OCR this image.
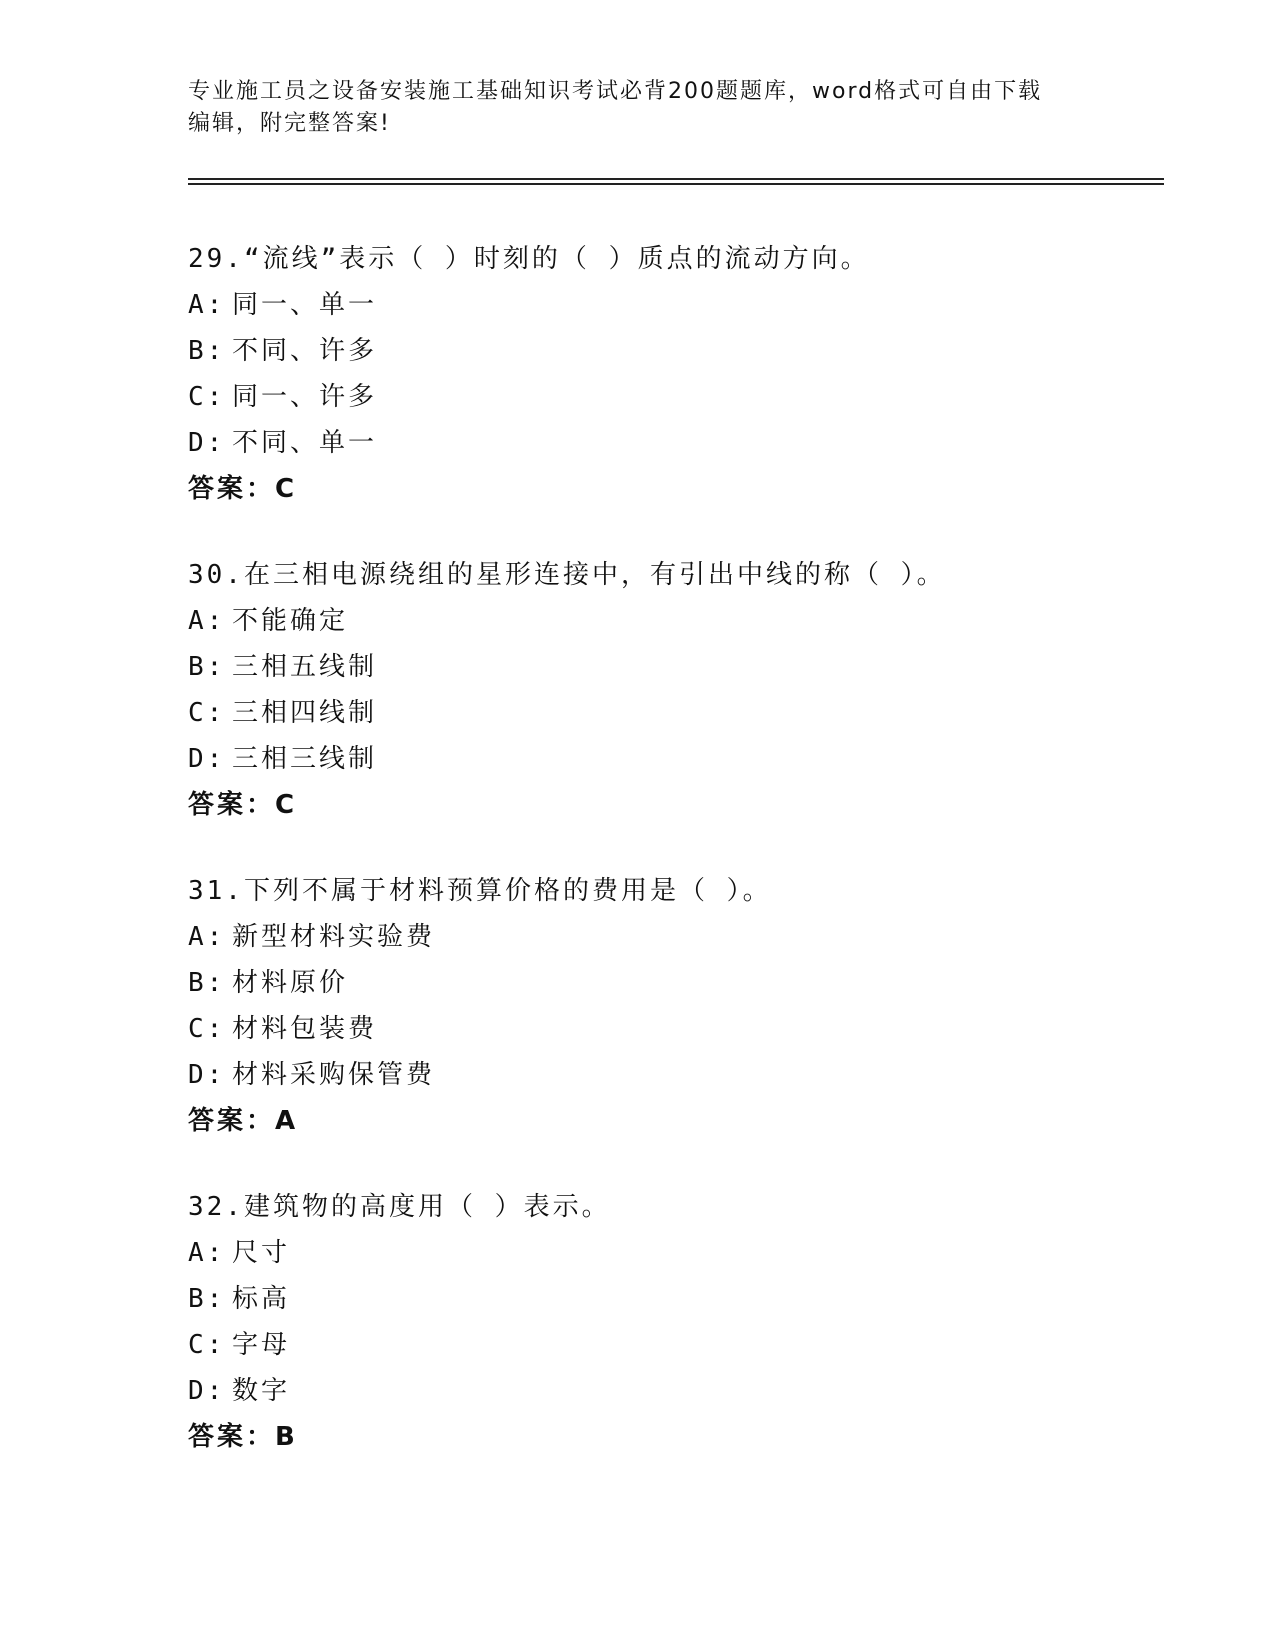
专业施工员之设备安装施工基础知识考试必背200题题库，word格式可自由下载
编辑，附完整答案!
29.“流线”表示（ ）时刻的（ ）质点的流动方向。
A: 同一、单一
B: 不同、许多
C: 同一、许多
D: 不同、单一
答案：C
30.在三相电源绕组的星形连接中，有引出中线的称（ ）。
A: 不能确定
B: 三相五线制
C: 三相四线制
D: 三相三线制
答案：C
31.下列不属于材料预算价格的费用是（ ）。
A: 新型材料实验费
B: 材料原价
C: 材料包装费
D: 材料采购保管费
答案：A
32.建筑物的高度用（ ）表示。
A: 尺寸
B: 标高
C: 字母
D: 数字
答案：B
